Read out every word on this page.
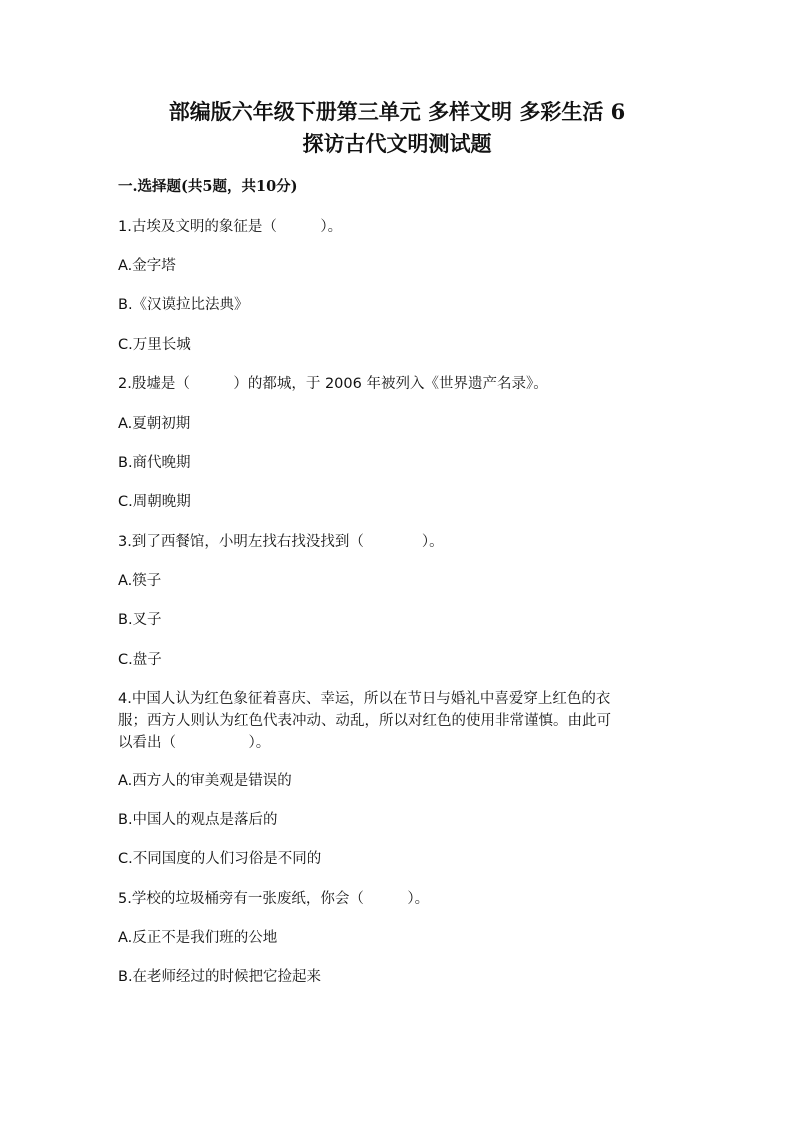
部编版六年级下册第三单元 多样文明 多彩生活 6
探访古代文明测试题

一.选择题(共5题，共10分)

1.古埃及文明的象征是（　　　）。

A.金字塔

B.《汉谟拉比法典》

C.万里长城

2.殷墟是（　　　）的都城，于 2006 年被列入《世界遗产名录》。

A.夏朝初期

B.商代晚期

C.周朝晚期

3.到了西餐馆，小明左找右找没找到（　　　　）。

A.筷子

B.叉子

C.盘子

4.中国人认为红色象征着喜庆、幸运，所以在节日与婚礼中喜爱穿上红色的衣

服；西方人则认为红色代表冲动、动乱，所以对红色的使用非常谨慎。由此可

以看出（　　　　　）。

A.西方人的审美观是错误的

B.中国人的观点是落后的

C.不同国度的人们习俗是不同的

5.学校的垃圾桶旁有一张废纸，你会（　　　）。

A.反正不是我们班的公地

B.在老师经过的时候把它捡起来
